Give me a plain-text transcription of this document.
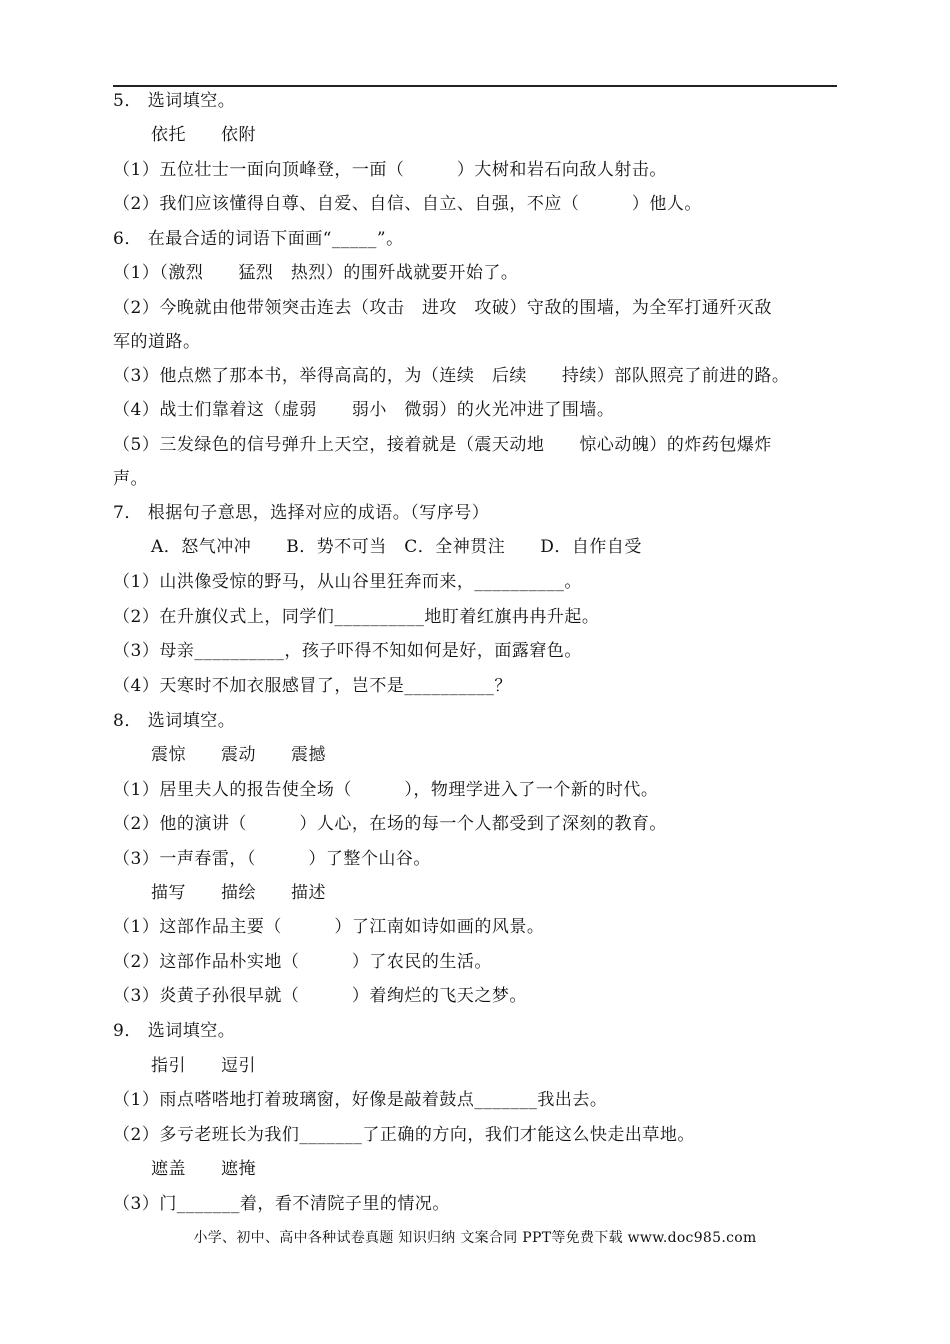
5． 选词填空。
依托　　依附
（1）五位壮士一面向顶峰登，一面（　　　）大树和岩石向敌人射击。
（2）我们应该懂得自尊、自爱、自信、自立、自强，不应（　　　）他人。
6． 在最合适的词语下面画“_____”。
（1）（激烈　　猛烈　热烈）的围歼战就要开始了。
（2）今晚就由他带领突击连去（攻击　进攻　攻破）守敌的围墙，为全军打通歼灭敌
军的道路。
（3）他点燃了那本书，举得高高的，为（连续　后续　　持续）部队照亮了前进的路。
（4）战士们靠着这（虚弱　　弱小　微弱）的火光冲进了围墙。
（5）三发绿色的信号弹升上天空，接着就是（震天动地　　惊心动魄）的炸药包爆炸
声。
7． 根据句子意思，选择对应的成语。（写序号）
A．怒气冲冲　　B．势不可当　C．全神贯注　　D．自作自受
（1）山洪像受惊的野马，从山谷里狂奔而来，__________。
（2）在升旗仪式上，同学们__________地盯着红旗冉冉升起。
（3）母亲__________，孩子吓得不知如何是好，面露窘色。
（4）天寒时不加衣服感冒了，岂不是__________？
8． 选词填空。
震惊　　震动　　震撼
（1）居里夫人的报告使全场（　　　），物理学进入了一个新的时代。
（2）他的演讲（　　　）人心，在场的每一个人都受到了深刻的教育。
（3）一声春雷，（　　　）了整个山谷。
描写　　描绘　　描述
（1）这部作品主要（　　　）了江南如诗如画的风景。
（2）这部作品朴实地（　　　）了农民的生活。
（3）炎黄子孙很早就（　　　）着绚烂的飞天之梦。
9． 选词填空。
指引　　逗引
（1）雨点嗒嗒地打着玻璃窗，好像是敲着鼓点_______我出去。
（2）多亏老班长为我们_______了正确的方向，我们才能这么快走出草地。
遮盖　　遮掩
（3）门_______着，看不清院子里的情况。
小学、初中、高中各种试卷真题 知识归纳 文案合同 PPT等免费下载 www.doc985.com
